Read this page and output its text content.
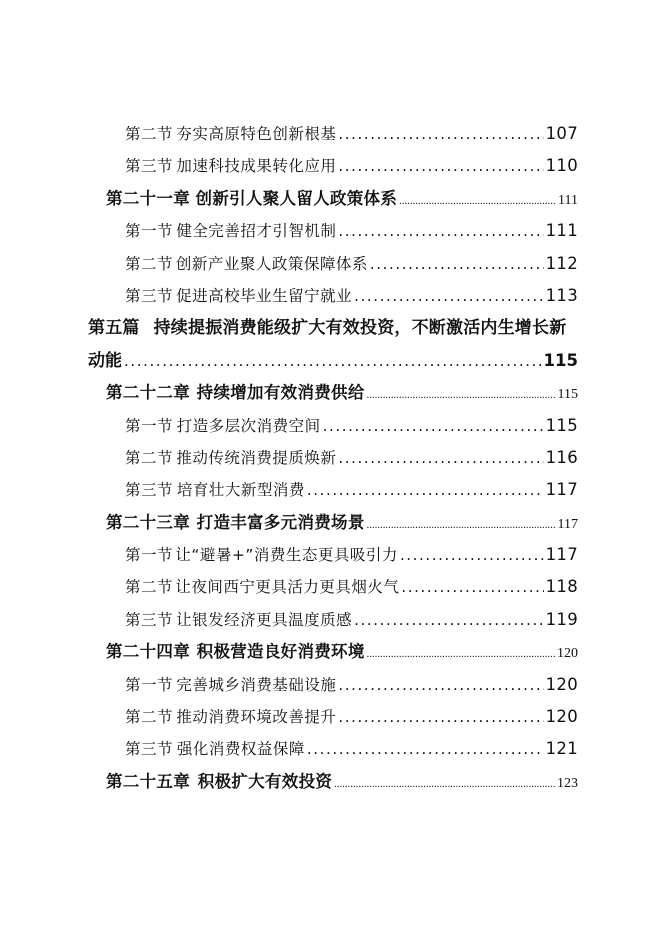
第二节 夯实高原特色创新根基 .....	107
第三节 加速科技成果转化应用 .....	110
第二十一章 创新引人聚人留人政策体系 .....	111
第一节 健全完善招才引智机制 .....	111
第二节 创新产业聚人政策保障体系 .....	112
第三节 促进高校毕业生留宁就业 .....	113
第五篇 持续提振消费能级扩大有效投资，不断激活内生增长新
动能 .....	115
第二十二章 持续增加有效消费供给 .....	115
第一节 打造多层次消费空间 .....	115
第二节 推动传统消费提质焕新 .....	116
第三节 培育壮大新型消费 .....	117
第二十三章 打造丰富多元消费场景 .....	117
第一节 让“避暑+”消费生态更具吸引力 .....	117
第二节 让夜间西宁更具活力更具烟火气 .....	118
第三节 让银发经济更具温度质感 .....	119
第二十四章 积极营造良好消费环境 .....	120
第一节 完善城乡消费基础设施 .....	120
第二节 推动消费环境改善提升 .....	120
第三节 强化消费权益保障 .....	121
第二十五章 积极扩大有效投资 .....	123
